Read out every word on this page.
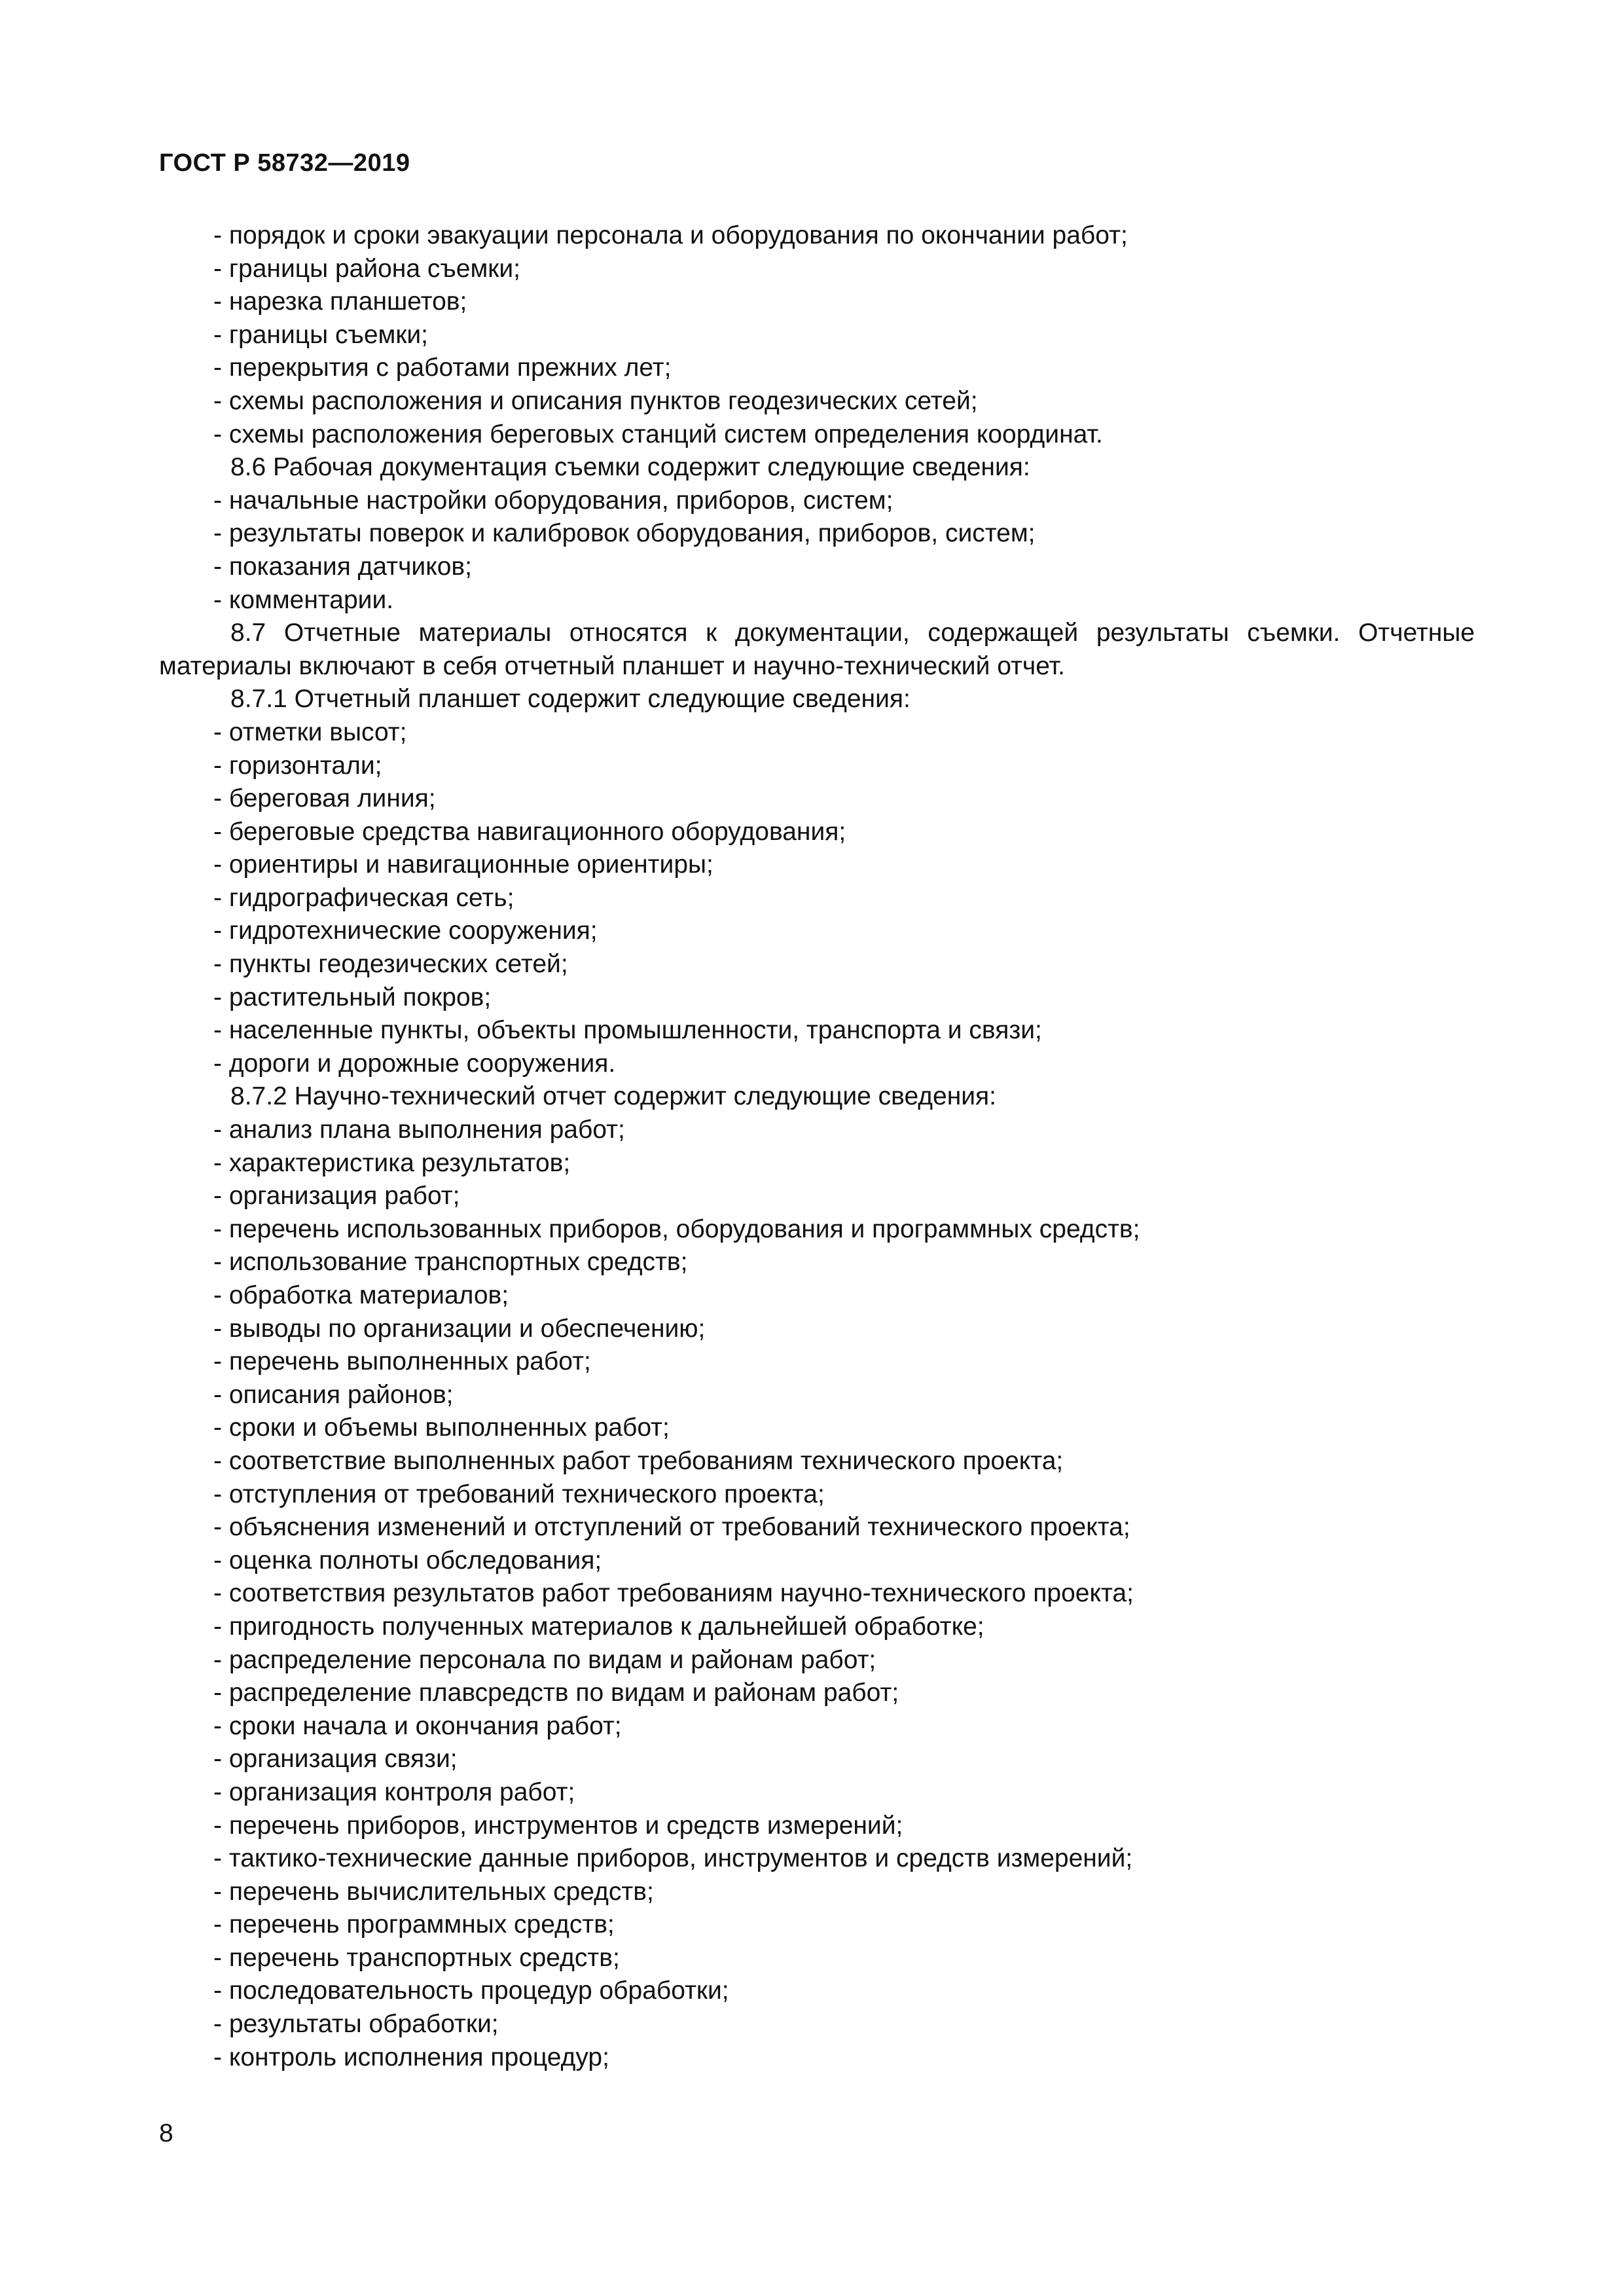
ГОСТ Р 58732—2019
- порядок и сроки эвакуации персонала и оборудования по окончании работ;
- границы района съемки;
- нарезка планшетов;
- границы съемки;
- перекрытия с работами прежних лет;
- схемы расположения и описания пунктов геодезических сетей;
- схемы расположения береговых станций систем определения координат.
8.6 Рабочая документация съемки содержит следующие сведения:
- начальные настройки оборудования, приборов, систем;
- результаты поверок и калибровок оборудования, приборов, систем;
- показания датчиков;
- комментарии.
8.7 Отчетные материалы относятся к документации, содержащей результаты съемки. Отчетные материалы включают в себя отчетный планшет и научно-технический отчет.
8.7.1 Отчетный планшет содержит следующие сведения:
- отметки высот;
- горизонтали;
- береговая линия;
- береговые средства навигационного оборудования;
- ориентиры и навигационные ориентиры;
- гидрографическая сеть;
- гидротехнические сооружения;
- пункты геодезических сетей;
- растительный покров;
- населенные пункты, объекты промышленности, транспорта и связи;
- дороги и дорожные сооружения.
8.7.2 Научно-технический отчет содержит следующие сведения:
- анализ плана выполнения работ;
- характеристика результатов;
- организация работ;
- перечень использованных приборов, оборудования и программных средств;
- использование транспортных средств;
- обработка материалов;
- выводы по организации и обеспечению;
- перечень выполненных работ;
- описания районов;
- сроки и объемы выполненных работ;
- соответствие выполненных работ требованиям технического проекта;
- отступления от требований технического проекта;
- объяснения изменений и отступлений от требований технического проекта;
- оценка полноты обследования;
- соответствия результатов работ требованиям научно-технического проекта;
- пригодность полученных материалов к дальнейшей обработке;
- распределение персонала по видам и районам работ;
- распределение плавсредств по видам и районам работ;
- сроки начала и окончания работ;
- организация связи;
- организация контроля работ;
- перечень приборов, инструментов и средств измерений;
- тактико-технические данные приборов, инструментов и средств измерений;
- перечень вычислительных средств;
- перечень программных средств;
- перечень транспортных средств;
- последовательность процедур обработки;
- результаты обработки;
- контроль исполнения процедур;
8
